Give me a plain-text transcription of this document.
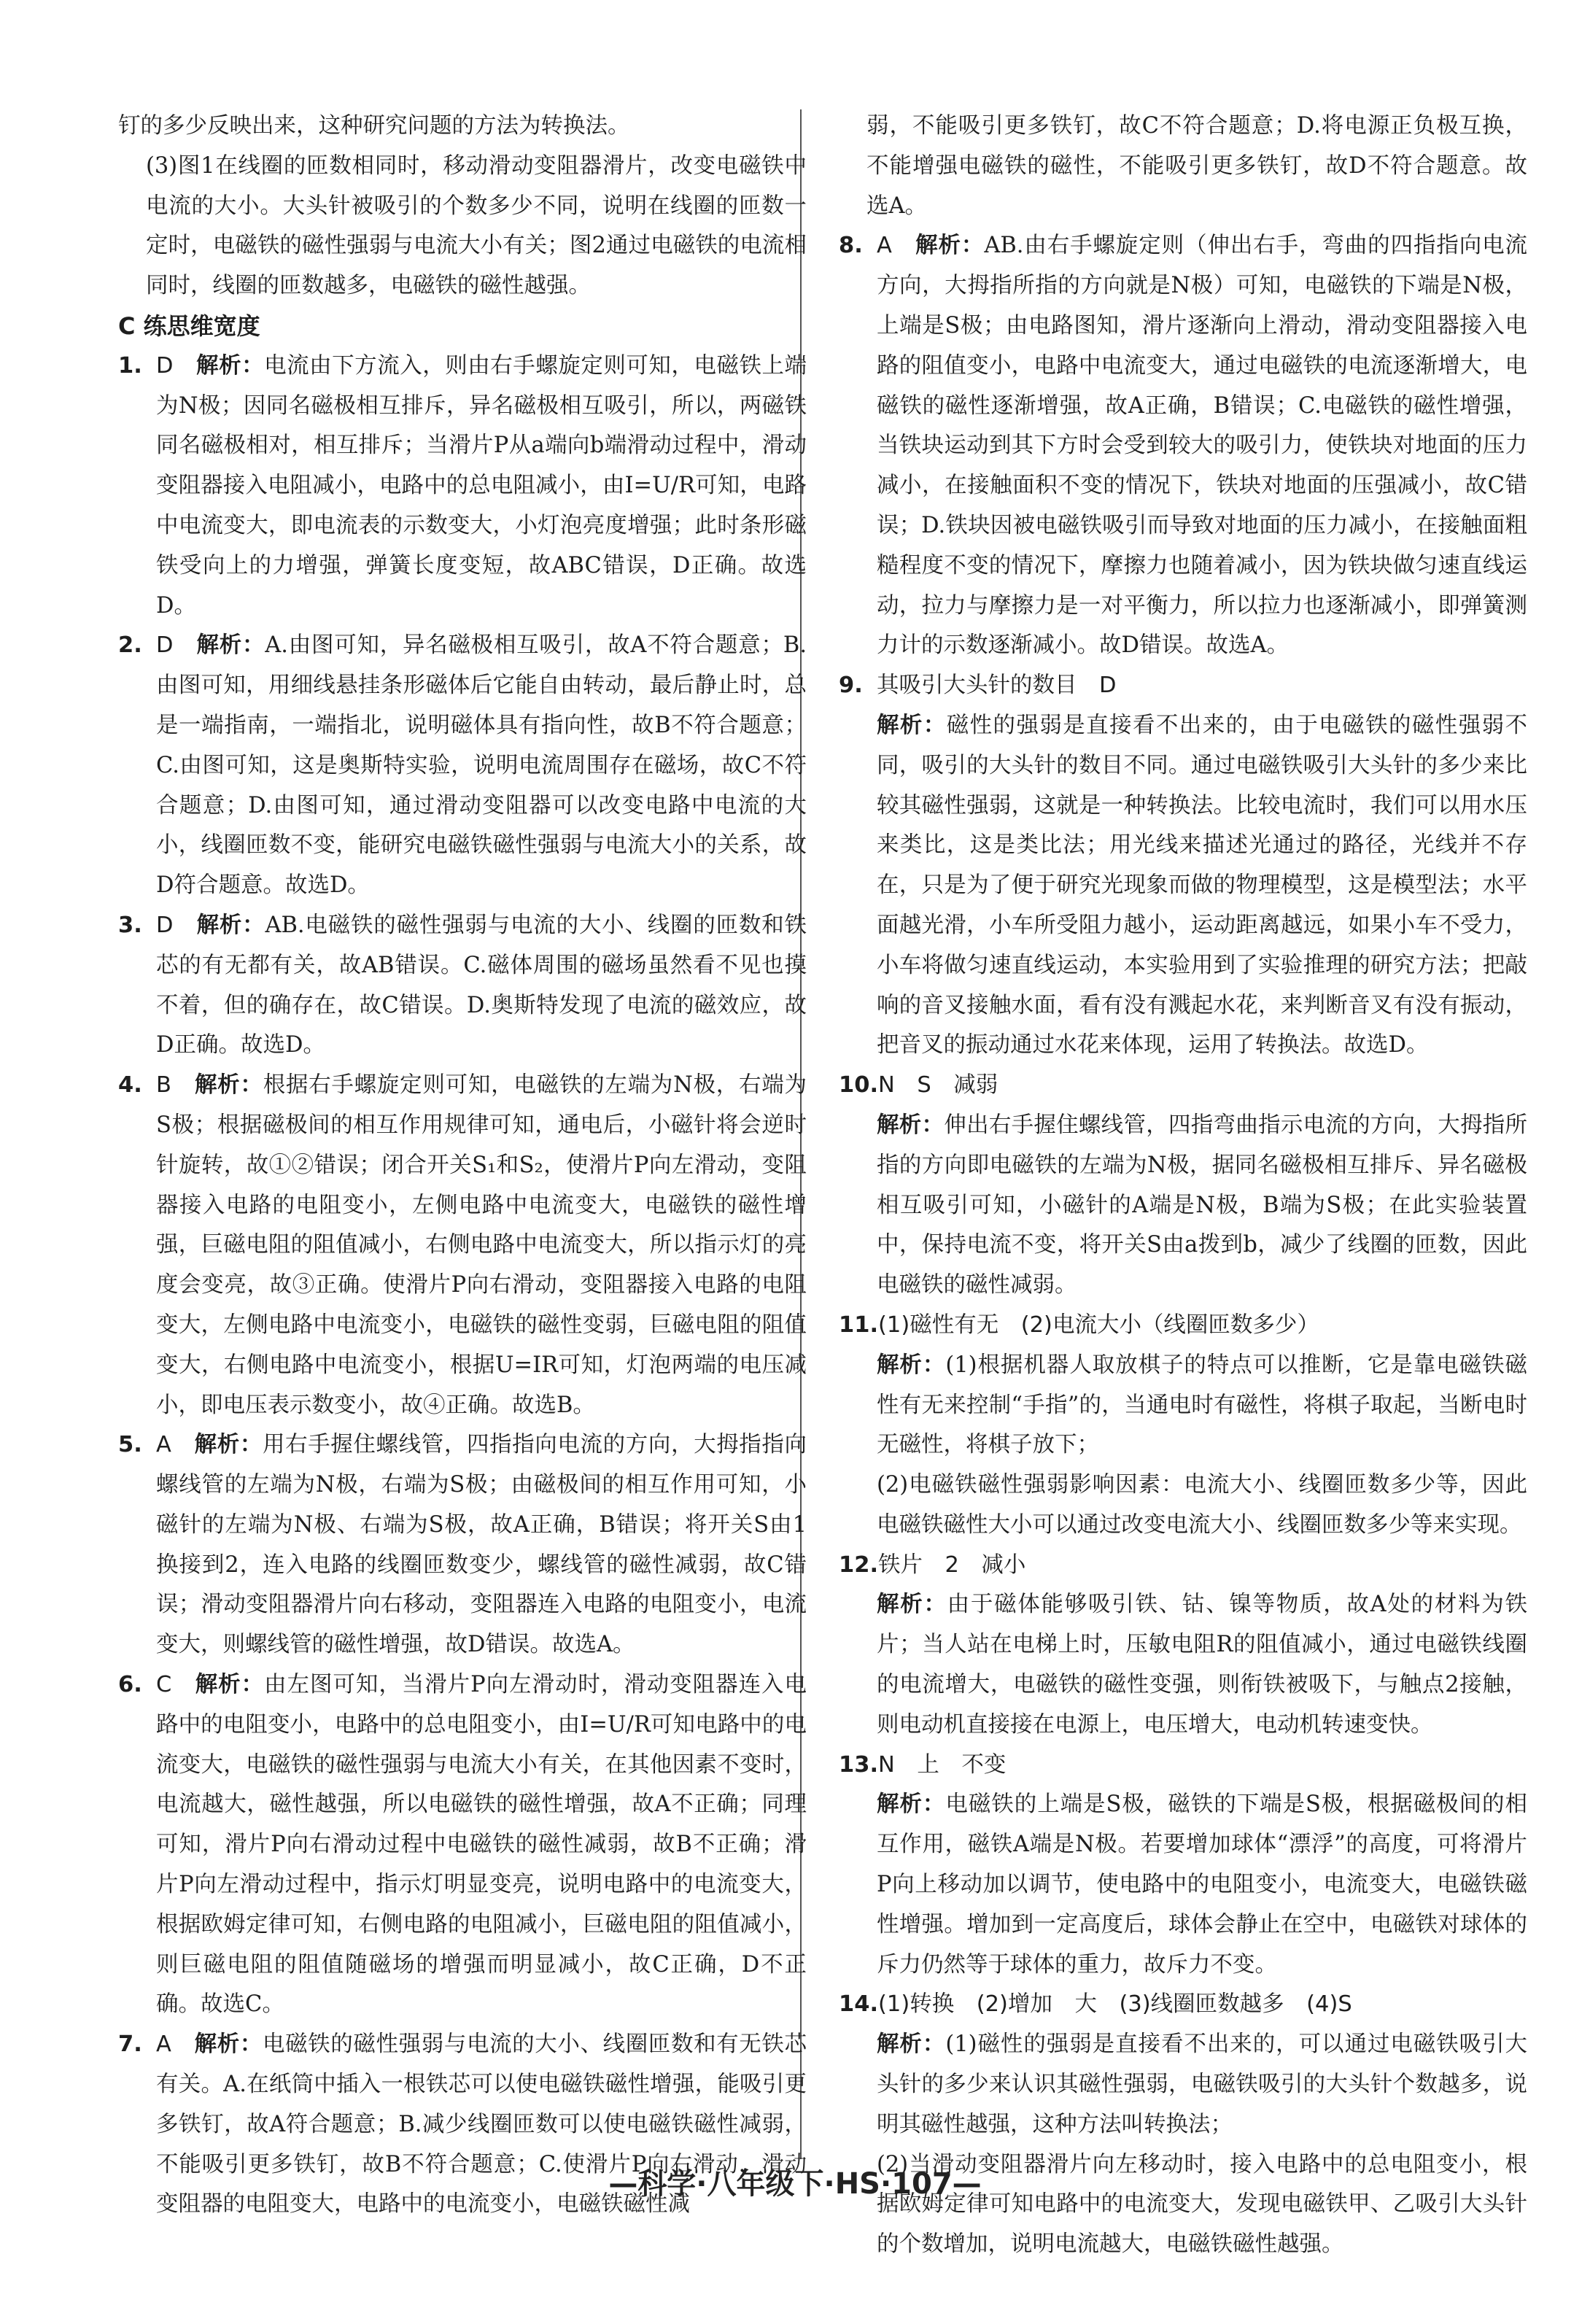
钉的多少反映出来，这种研究问题的方法为转换法。

(3)图1在线圈的匝数相同时，移动滑动变阻器滑片，改变电磁铁中电流的大小。大头针被吸引的个数多少不同，说明在线圈的匝数一定时，电磁铁的磁性强弱与电流大小有关；图2通过电磁铁的电流相同时，线圈的匝数越多，电磁铁的磁性越强。

C 练思维宽度

1. D　 解析：电流由下方流入，则由右手螺旋定则可知，电磁铁上端为N极；因同名磁极相互排斥，异名磁极相互吸引，所以，两磁铁同名磁极相对，相互排斥；当滑片P从a端向b端滑动过程中，滑动变阻器接入电阻减小，电路中的总电阻减小，由I=U/R可知，电路中电流变大，即电流表的示数变大，小灯泡亮度增强；此时条形磁铁受向上的力增强，弹簧长度变短，故ABC错误，D正确。故选D。

2. D　 解析：A.由图可知，异名磁极相互吸引，故A不符合题意；B.由图可知，用细线悬挂条形磁体后它能自由转动，最后静止时，总是一端指南，一端指北，说明磁体具有指向性，故B不符合题意；C.由图可知，这是奥斯特实验，说明电流周围存在磁场，故C不符合题意；D.由图可知，通过滑动变阻器可以改变电路中电流的大小，线圈匝数不变，能研究电磁铁磁性强弱与电流大小的关系，故D符合题意。故选D。

3. D　 解析：AB.电磁铁的磁性强弱与电流的大小、线圈的匝数和铁芯的有无都有关，故AB错误。C.磁体周围的磁场虽然看不见也摸不着，但的确存在，故C错误。D.奥斯特发现了电流的磁效应，故D正确。故选D。

4. B　 解析：根据右手螺旋定则可知，电磁铁的左端为N极，右端为S极；根据磁极间的相互作用规律可知，通电后，小磁针将会逆时针旋转，故①②错误；闭合开关S₁和S₂，使滑片P向左滑动，变阻器接入电路的电阻变小，左侧电路中电流变大，电磁铁的磁性增强，巨磁电阻的阻值减小，右侧电路中电流变大，所以指示灯的亮度会变亮，故③正确。使滑片P向右滑动，变阻器接入电路的电阻变大，左侧电路中电流变小，电磁铁的磁性变弱，巨磁电阻的阻值变大，右侧电路中电流变小，根据U=IR可知，灯泡两端的电压减小，即电压表示数变小，故④正确。故选B。

5. A　 解析：用右手握住螺线管，四指指向电流的方向，大拇指指向螺线管的左端为N极，右端为S极；由磁极间的相互作用可知，小磁针的左端为N极、右端为S极，故A正确，B错误；将开关S由1换接到2，连入电路的线圈匝数变少，螺线管的磁性减弱，故C错误；滑动变阻器滑片向右移动，变阻器连入电路的电阻变小，电流变大，则螺线管的磁性增强，故D错误。故选A。

6. C　 解析：由左图可知，当滑片P向左滑动时，滑动变阻器连入电路中的电阻变小，电路中的总电阻变小，由I=U/R可知电路中的电流变大，电磁铁的磁性强弱与电流大小有关，在其他因素不变时，电流越大，磁性越强，所以电磁铁的磁性增强，故A不正确；同理可知，滑片P向右滑动过程中电磁铁的磁性减弱，故B不正确；滑片P向左滑动过程中，指示灯明显变亮，说明电路中的电流变大，根据欧姆定律可知，右侧电路的电阻减小，巨磁电阻的阻值减小，则巨磁电阻的阻值随磁场的增强而明显减小，故C正确，D不正确。故选C。

7. A　 解析：电磁铁的磁性强弱与电流的大小、线圈匝数和有无铁芯有关。A.在纸筒中插入一根铁芯可以使电磁铁磁性增强，能吸引更多铁钉，故A符合题意；B.减少线圈匝数可以使电磁铁磁性减弱，不能吸引更多铁钉，故B不符合题意；C.使滑片P向右滑动，滑动变阻器的电阻变大，电路中的电流变小，电磁铁磁性减

弱，不能吸引更多铁钉，故C不符合题意；D.将电源正负极互换，不能增强电磁铁的磁性，不能吸引更多铁钉，故D不符合题意。故选A。

8. A　 解析：AB.由右手螺旋定则（伸出右手，弯曲的四指指向电流方向，大拇指所指的方向就是N极）可知，电磁铁的下端是N极，上端是S极；由电路图知，滑片逐渐向上滑动，滑动变阻器接入电路的阻值变小，电路中电流变大，通过电磁铁的电流逐渐增大，电磁铁的磁性逐渐增强，故A正确，B错误；C.电磁铁的磁性增强，当铁块运动到其下方时会受到较大的吸引力，使铁块对地面的压力减小，在接触面积不变的情况下，铁块对地面的压强减小，故C错误；D.铁块因被电磁铁吸引而导致对地面的压力减小，在接触面粗糙程度不变的情况下，摩擦力也随着减小，因为铁块做匀速直线运动，拉力与摩擦力是一对平衡力，所以拉力也逐渐减小，即弹簧测力计的示数逐渐减小。故D错误。故选A。

9. 其吸引大头针的数目　D

解析：磁性的强弱是直接看不出来的，由于电磁铁的磁性强弱不同，吸引的大头针的数目不同。通过电磁铁吸引大头针的多少来比较其磁性强弱，这就是一种转换法。比较电流时，我们可以用水压来类比，这是类比法；用光线来描述光通过的路径，光线并不存在，只是为了便于研究光现象而做的物理模型，这是模型法；水平面越光滑，小车所受阻力越小，运动距离越远，如果小车不受力，小车将做匀速直线运动，本实验用到了实验推理的研究方法；把敲响的音叉接触水面，看有没有溅起水花，来判断音叉有没有振动，把音叉的振动通过水花来体现，运用了转换法。故选D。

10.N　S　减弱

解析：伸出右手握住螺线管，四指弯曲指示电流的方向，大拇指所指的方向即电磁铁的左端为N极，据同名磁极相互排斥、异名磁极相互吸引可知，小磁针的A端是N极，B端为S极；在此实验装置中，保持电流不变，将开关S由a拨到b，减少了线圈的匝数，因此电磁铁的磁性减弱。

11.(1)磁性有无　(2)电流大小（线圈匝数多少）

解析：(1)根据机器人取放棋子的特点可以推断，它是靠电磁铁磁性有无来控制“手指”的，当通电时有磁性，将棋子取起，当断电时无磁性，将棋子放下；

(2)电磁铁磁性强弱影响因素：电流大小、线圈匝数多少等，因此电磁铁磁性大小可以通过改变电流大小、线圈匝数多少等来实现。

12.铁片　2　减小

解析：由于磁体能够吸引铁、钴、镍等物质，故A处的材料为铁片；当人站在电梯上时，压敏电阻R的阻值减小，通过电磁铁线圈的电流增大，电磁铁的磁性变强，则衔铁被吸下，与触点2接触，则电动机直接接在电源上，电压增大，电动机转速变快。

13.N　上　不变

解析：电磁铁的上端是S极，磁铁的下端是S极，根据磁极间的相互作用，磁铁A端是N极。若要增加球体“漂浮”的高度，可将滑片P向上移动加以调节，使电路中的电阻变小，电流变大，电磁铁磁性增强。增加到一定高度后，球体会静止在空中，电磁铁对球体的斥力仍然等于球体的重力，故斥力不变。

14.(1)转换　(2)增加　大　(3)线圈匝数越多　(4)S

解析：(1)磁性的强弱是直接看不出来的，可以通过电磁铁吸引大头针的多少来认识其磁性强弱，电磁铁吸引的大头针个数越多，说明其磁性越强，这种方法叫转换法；

(2)当滑动变阻器滑片向左移动时，接入电路中的总电阻变小，根据欧姆定律可知电路中的电流变大，发现电磁铁甲、乙吸引大头针的个数增加，说明电流越大，电磁铁磁性越强。

—科学·八年级下·HS·107—
